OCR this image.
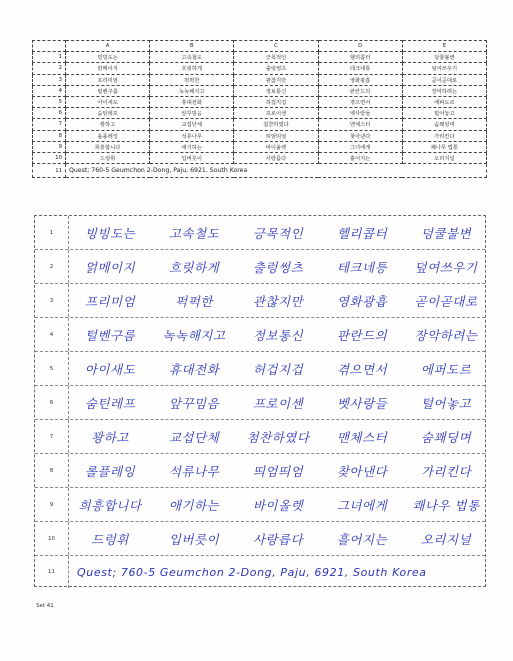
	A	B	C	D	E
1	빙빙도는	고속철도	긍목적인	헬리콥터	덩쿨불변
2	얽메이지	흐릿하게	출렁썽츠	테크네틍	덮여쓰우기
3	프리미엄	퍽퍽한	관찮지만	영화광흡	곧이곧대로
4	털벤구름	녹녹해지고	정보통신	판란드의	장악하려는
5	아이새도	휴대전화	허겁지겁	겪으면서	에퍼도르
6	숨틴레프	앞꾸밈음	프로이센	벳사랑들	털어놓고
7	꽝하고	교섭단체	첨찬하였다	맨체스터	숨꽤딩며
8	롤플레잉	석류나무	띄엄띄엄	찾아낸다	가리킨다
9	희흥합니다	애기하는	바이올렛	그녀에게	쾌나무 법통
10	드렁휘	입버릇이	사랑릅다	흘어지는	오리지널
11	Quest; 760-5 Geumchon 2-Dong, Paju, 6921, South Korea				
1	빙빙도는	고속철도	긍목적인	헬리콥터	덩쿨불변
2	얽메이지	흐릿하게	출렁썽츠	테크네틍	덮여쓰우기
3	프리미엄	퍽퍽한	관찮지만	영화광흡	곧이곧대로
4	털벤구름	녹녹해지고	정보통신	판란드의	장악하려는
5	아이새도	휴대전화	허겁지겁	겪으면서	에퍼도르
6	숨틴레프	앞꾸밈음	프로이센	벳사랑들	털어놓고
7	꽝하고	교섭단체	첨찬하였다	맨체스터	숨꽤딩며
8	롤플레잉	석류나무	띄엄띄엄	찾아낸다	가리킨다
9	희흥합니다	애기하는	바이올렛	그녀에게	쾌나우 법통
10	드렁휘	입버릇이	사랑릅다	흘어지는	오리지널
11	Quest; 760-5 Geumchon 2-Dong, Paju, 6921, South Korea
Set 41
